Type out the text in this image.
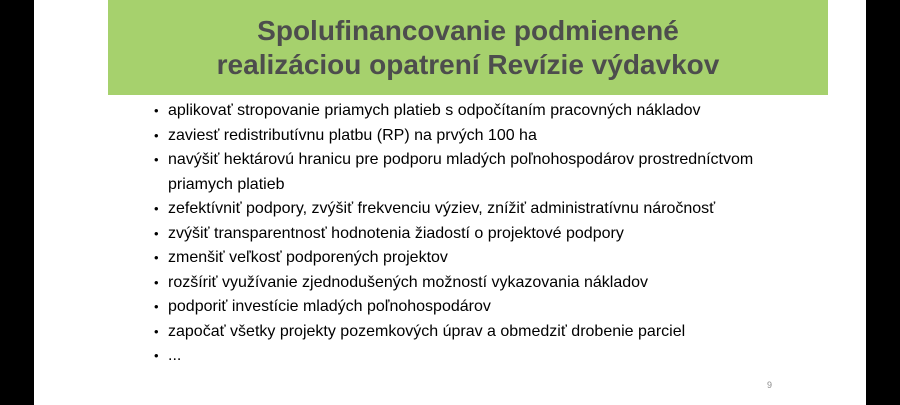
Spolufinancovanie podmienené
realizáciou opatrení Revízie výdavkov
• aplikovať stropovanie priamych platieb s odpočítaním pracovných nákladov
• zaviesť redistributívnu platbu (RP) na prvých 100 ha
• navýšiť hektárovú hranicu pre podporu mladých poľnohospodárov prostredníctvom priamych platieb
• zefektívniť podpory, zvýšiť frekvenciu výziev, znížiť administratívnu náročnosť
• zvýšiť transparentnosť hodnotenia žiadostí o projektové podpory
• zmenšiť veľkosť podporených projektov
• rozšíriť využívanie zjednodušených možností vykazovania nákladov
• podporiť investície mladých poľnohospodárov
• započať všetky projekty pozemkových úprav a obmedziť drobenie parciel
• ...
9
